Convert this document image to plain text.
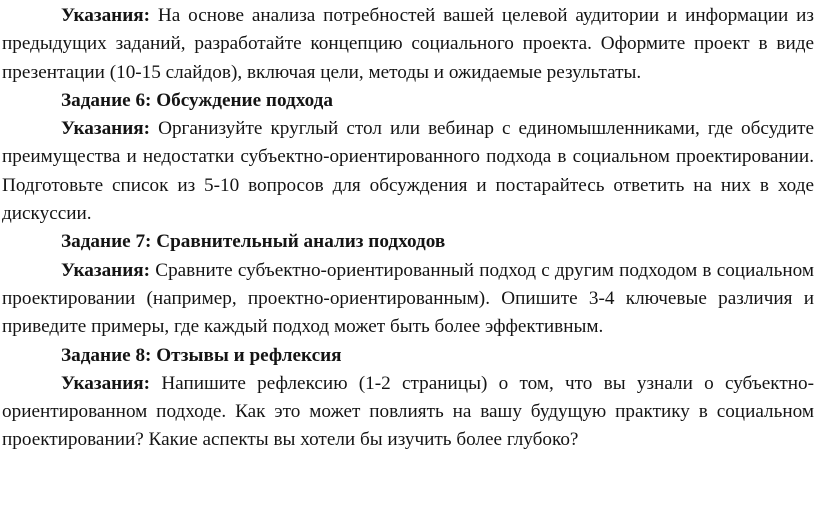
Указания: На основе анализа потребностей вашей целевой аудитории и информации из предыдущих заданий, разработайте концепцию социального проекта. Оформите проект в виде презентации (10-15 слайдов), включая цели, методы и ожидаемые результаты.

Задание 6: Обсуждение подхода

Указания: Организуйте круглый стол или вебинар с единомышленниками, где обсудите преимущества и недостатки субъектно-ориентированного подхода в социальном проектировании. Подготовьте список из 5-10 вопросов для обсуждения и постарайтесь ответить на них в ходе дискуссии.

Задание 7: Сравнительный анализ подходов

Указания: Сравните субъектно-ориентированный подход с другим подходом в социальном проектировании (например, проектно-ориентированным). Опишите 3-4 ключевые различия и приведите примеры, где каждый подход может быть более эффективным.

Задание 8: Отзывы и рефлексия

Указания: Напишите рефлексию (1-2 страницы) о том, что вы узнали о субъектно-ориентированном подходе. Как это может повлиять на вашу будущую практику в социальном проектировании? Какие аспекты вы хотели бы изучить более глубоко?
